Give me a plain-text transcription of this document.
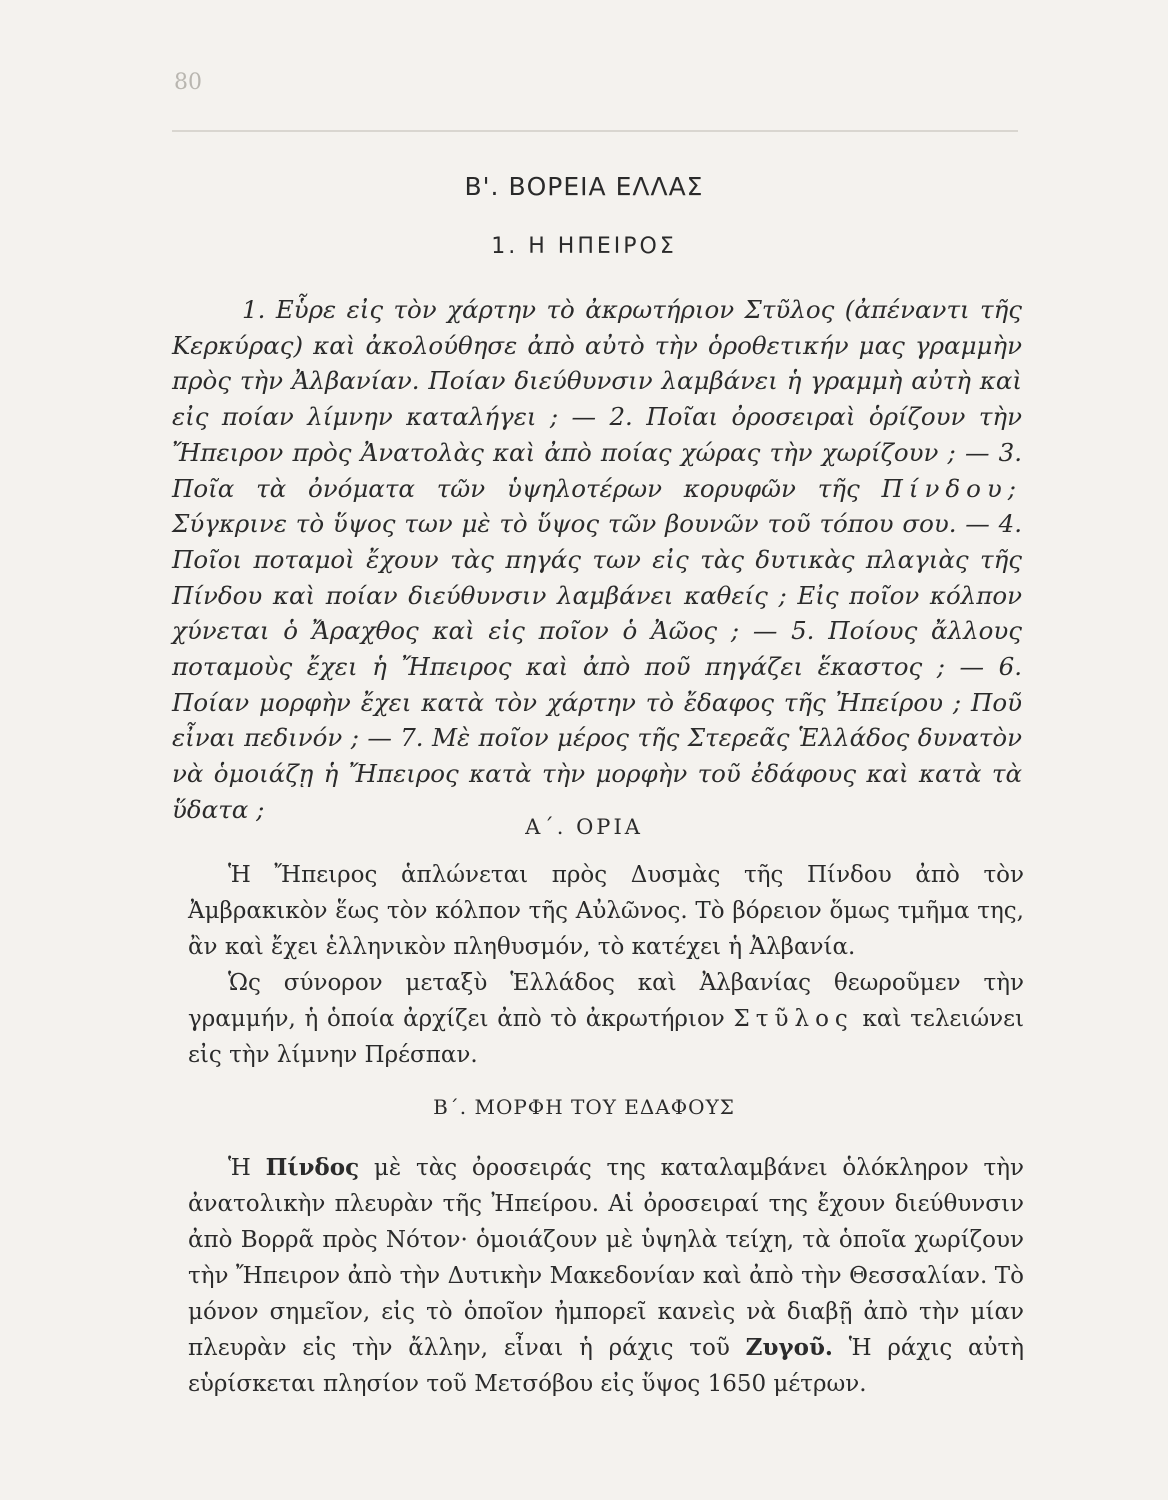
80
Β'. ΒΟΡΕΙΑ ΕΛΛΑΣ
1. Η ΗΠΕΙΡΟΣ

1. Εὗρε εἰς τὸν χάρτην τὸ ἀκρωτήριον Στῦλος (ἀπέναντι τῆς Κερκύρας) καὶ ἀκολούθησε ἀπὸ αὐτὸ τὴν ὁροθετικήν μας γραμμὴν πρὸς τὴν Ἀλβανίαν. Ποίαν διεύθυνσιν λαμβάνει ἡ γραμμὴ αὐτὴ καὶ εἰς ποίαν λίμνην καταλήγει ; — 2. Ποῖαι ὀροσειραὶ ὁρίζουν τὴν Ἤπειρον πρὸς Ἀνατολὰς καὶ ἀπὸ ποίας χώρας τὴν χωρίζουν ; — 3. Ποῖα τὰ ὀνόματα τῶν ὑψηλοτέρων κορυφῶν τῆς Πίνδου; Σύγκρινε τὸ ὕψος των μὲ τὸ ὕψος τῶν βουνῶν τοῦ τόπου σου. — 4. Ποῖοι ποταμοὶ ἔχουν τὰς πηγάς των εἰς τὰς δυτικὰς πλαγιὰς τῆς Πίνδου καὶ ποίαν διεύθυνσιν λαμβάνει καθείς ; Εἰς ποῖον κόλπον χύνεται ὁ Ἄραχθος καὶ εἰς ποῖον ὁ Ἀῶος ; — 5. Ποίους ἄλλους ποταμοὺς ἔχει ἡ Ἤπειρος καὶ ἀπὸ ποῦ πηγάζει ἕκαστος ; — 6. Ποίαν μορφὴν ἔχει κατὰ τὸν χάρτην τὸ ἔδαφος τῆς Ἠπείρου ; Ποῦ εἶναι πεδινόν ; — 7. Μὲ ποῖον μέρος τῆς Στερεᾶς Ἑλλάδος δυνατὸν νὰ ὁμοιάζῃ ἡ Ἤπειρος κατὰ τὴν μορφὴν τοῦ ἐδάφους καὶ κατὰ τὰ ὕδατα ;

Α΄. ΟΡΙΑ

Ἡ Ἤπειρος ἁπλώνεται πρὸς Δυσμὰς τῆς Πίνδου ἀπὸ τὸν Ἀμβρακικὸν ἕως τὸν κόλπον τῆς Αὐλῶνος. Τὸ βόρειον ὅμως τμῆμα της, ἂν καὶ ἔχει ἑλληνικὸν πληθυσμόν, τὸ κατέχει ἡ Ἀλβανία.

Ὡς σύνορον μεταξὺ Ἑλλάδος καὶ Ἀλβανίας θεωροῦμεν τὴν γραμμήν, ἡ ὁποία ἀρχίζει ἀπὸ τὸ ἀκρωτήριον Στῦλος καὶ τελειώνει εἰς τὴν λίμνην Πρέσπαν.

Β΄. ΜΟΡΦΗ ΤΟΥ ΕΔΑΦΟΥΣ

Ἡ Πίνδος μὲ τὰς ὀροσειράς της καταλαμβάνει ὁλόκληρον τὴν ἀνατολικὴν πλευρὰν τῆς Ἠπείρου. Αἱ ὀροσειραί της ἔχουν διεύθυνσιν ἀπὸ Βορρᾶ πρὸς Νότον· ὁμοιάζουν μὲ ὑψηλὰ τείχη, τὰ ὁποῖα χωρίζουν τὴν Ἤπειρον ἀπὸ τὴν Δυτικὴν Μακεδονίαν καὶ ἀπὸ τὴν Θεσσαλίαν. Τὸ μόνον σημεῖον, εἰς τὸ ὁποῖον ἠμπορεῖ κανεὶς νὰ διαβῇ ἀπὸ τὴν μίαν πλευρὰν εἰς τὴν ἄλλην, εἶναι ἡ ράχις τοῦ Ζυγοῦ. Ἡ ράχις αὐτὴ εὑρίσκεται πλησίον τοῦ Μετσόβου εἰς ὕψος 1650 μέτρων.
